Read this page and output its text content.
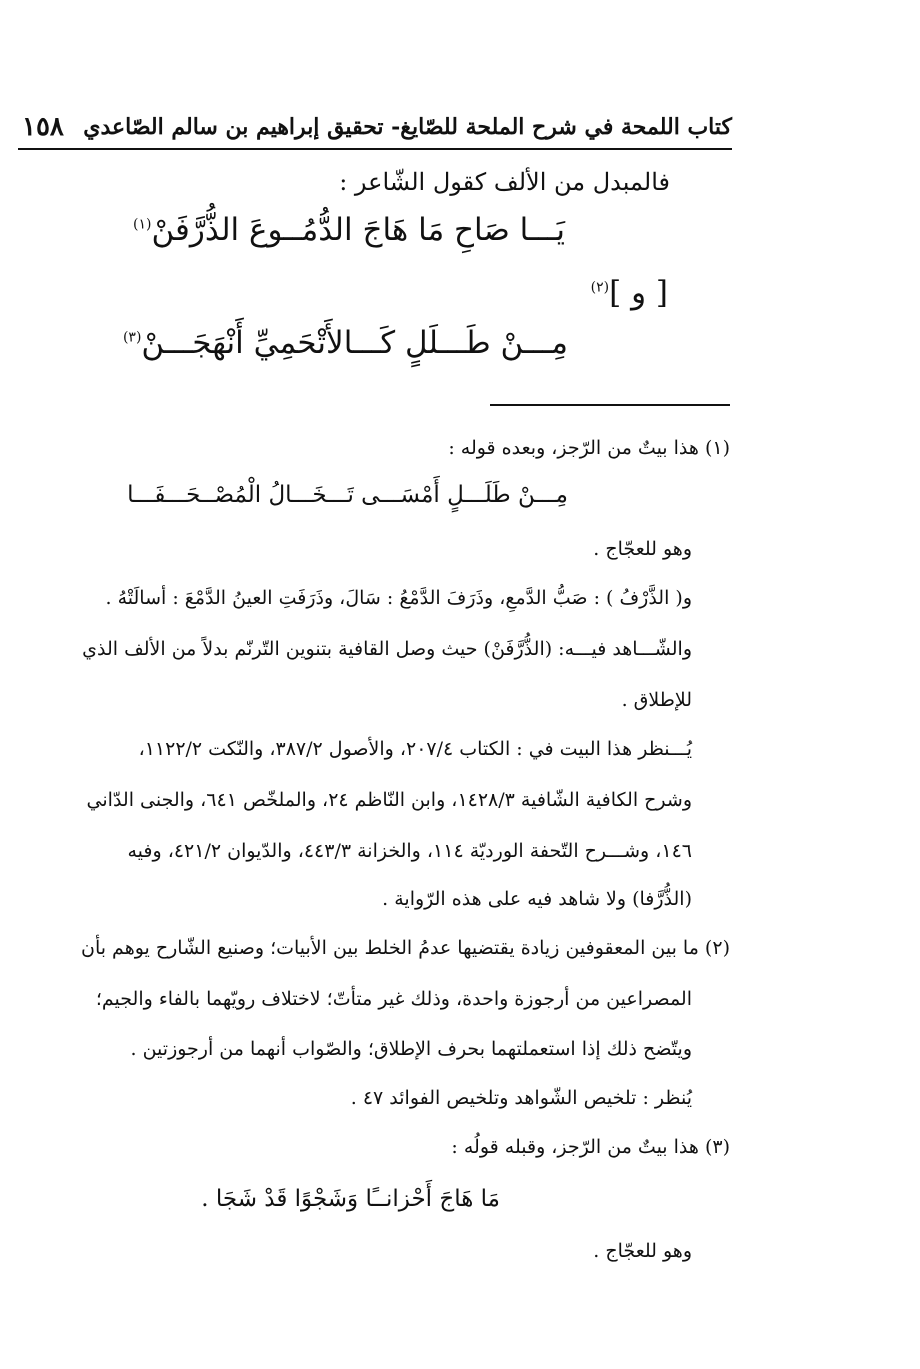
كتاب اللمحة في شرح الملحة للصّايغ- تحقيق إبراهيم بن سالم الصّاعدي
١٥٨
فالمبدل من الألف كقول الشّاعر :
يَـــا صَاحِ مَا هَاجَ الدُّمُــوعَ الذُّرَّفَنْ$^{(١)}$
[ و ]$^{(٢)}$
مِـــنْ طَـــلَلٍ كَـــالأَتْحَمِيِّ أَنْهَجَـــنْ$^{(٣)}$
(١) هذا بيتٌ من الرّجز، وبعده قوله :
مِـــنْ طَلَـــلٍ أَمْسَـــى تَـــخَـــالُ الْمُصْــحَـــفَـــا
وهو للعجّاج .
و( الذَّرْفُ ) : صَبُّ الدَّمعِ، وذَرَفَ الدَّمْعُ : سَالَ، وذَرَفَتِ العينُ الدَّمْعَ : أسالَتْهُ .
والشّـــاهد فيـــه: (الذُّرَّفَنْ) حيث وصل القافية بتنوين التّرنّم بدلاً من الألف الذي
للإطلاق .
يُـــنظر هذا البيت في : الكتاب ٢٠٧/٤، والأصول ٣٨٧/٢، والنّكت ١١٢٢/٢،
وشرح الكافية الشّافية ١٤٢٨/٣، وابن النّاظم ٢٤، والملخّص ٦٤١، والجنى الدّاني
١٤٦، وشـــرح التّحفة الورديّة ١١٤، والخزانة ٤٤٣/٣، والدّيوان ٤٢١/٢، وفيه
(الذُّرَّفا) ولا شاهد فيه على هذه الرّواية .
(٢) ما بين المعقوفين زيادة يقتضيها عدمُ الخلط بين الأبيات؛ وصنيع الشّارح يوهم بأن
المصراعين من أرجوزة واحدة، وذلك غير متأتّ؛ لاختلاف رويّهما بالفاء والجيم؛
ويتّضح ذلك إذا استعملتهما بحرف الإطلاق؛ والصّواب أنهما من أرجوزتين .
يُنظر : تلخيص الشّواهد وتلخيص الفوائد ٤٧ .
(٣) هذا بيتٌ من الرّجز، وقبله قولُه :
مَا هَاجَ أَحْزانــًا وَشَجْوًا قَدْ شَجَا .
وهو للعجّاج .
